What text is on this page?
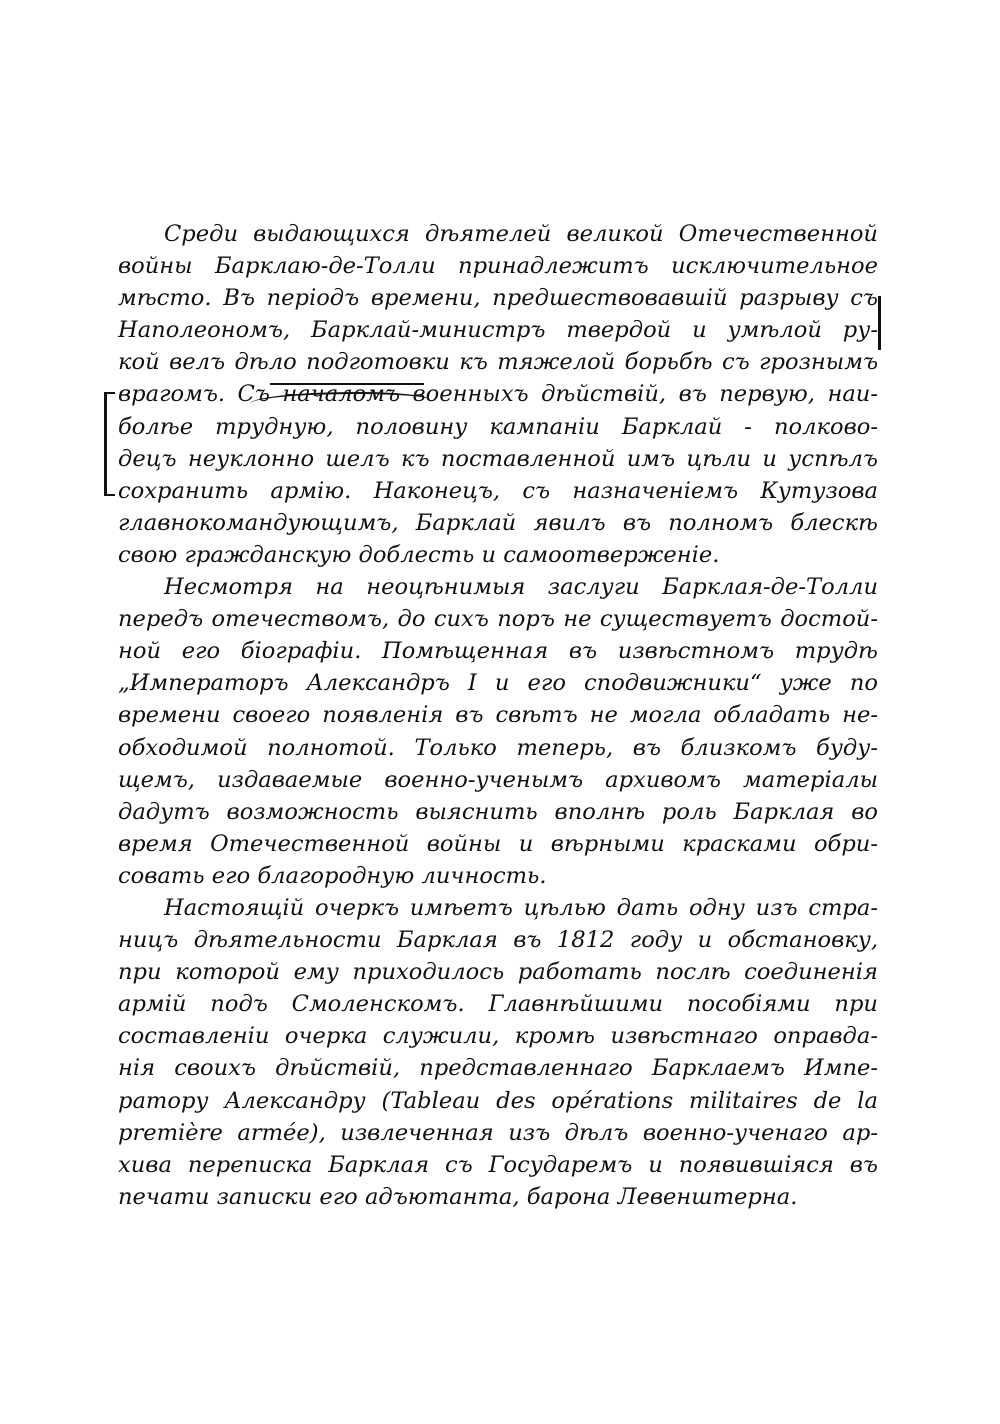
Среди выдающихся дѣятелей великой Отечественной
войны Барклаю-де-Толли принадлежитъ исключительное
мѣсто. Въ періодъ времени, предшествовавшій разрыву съ
Наполеономъ, Барклай-министръ твердой и умѣлой ру-
кой велъ дѣло подготовки къ тяжелой борьбѣ съ грознымъ
врагомъ. Съ началомъ военныхъ дѣйствій, въ первую, наи-
болѣе трудную, половину кампаніи Барклай - полково-
децъ неуклонно шелъ къ поставленной имъ цѣли и успѣлъ
сохранить армію. Наконецъ, съ назначеніемъ Кутузова
главнокомандующимъ, Барклай явилъ въ полномъ блескѣ
свою гражданскую доблесть и самоотверженіе.
Несмотря на неоцѣнимыя заслуги Барклая-де-Толли
передъ отечествомъ, до сихъ поръ не существуетъ достой-
ной его біографіи. Помѣщенная въ извѣстномъ трудѣ
„Императоръ Александръ I и его сподвижники“ уже по
времени своего появленія въ свѣтъ не могла обладать не-
обходимой полнотой. Только теперь, въ близкомъ буду-
щемъ, издаваемые военно-ученымъ архивомъ матеріалы
дадутъ возможность выяснить вполнѣ роль Барклая во
время Отечественной войны и вѣрными красками обри-
совать его благородную личность.
Настоящій очеркъ имѣетъ цѣлью дать одну изъ стра-
ницъ дѣятельности Барклая въ 1812 году и обстановку,
при которой ему приходилось работать послѣ соединенія
армій подъ Смоленскомъ. Главнѣйшими пособіями при
составленіи очерка служили, кромѣ извѣстнаго оправда-
нія своихъ дѣйствій, представленнаго Барклаемъ Импе-
ратору Александру (Tableau des opérations militaires de la
première armée), извлеченная изъ дѣлъ военно-ученаго ар-
хива переписка Барклая съ Государемъ и появившіяся въ
печати записки его адъютанта, барона Левенштерна.
